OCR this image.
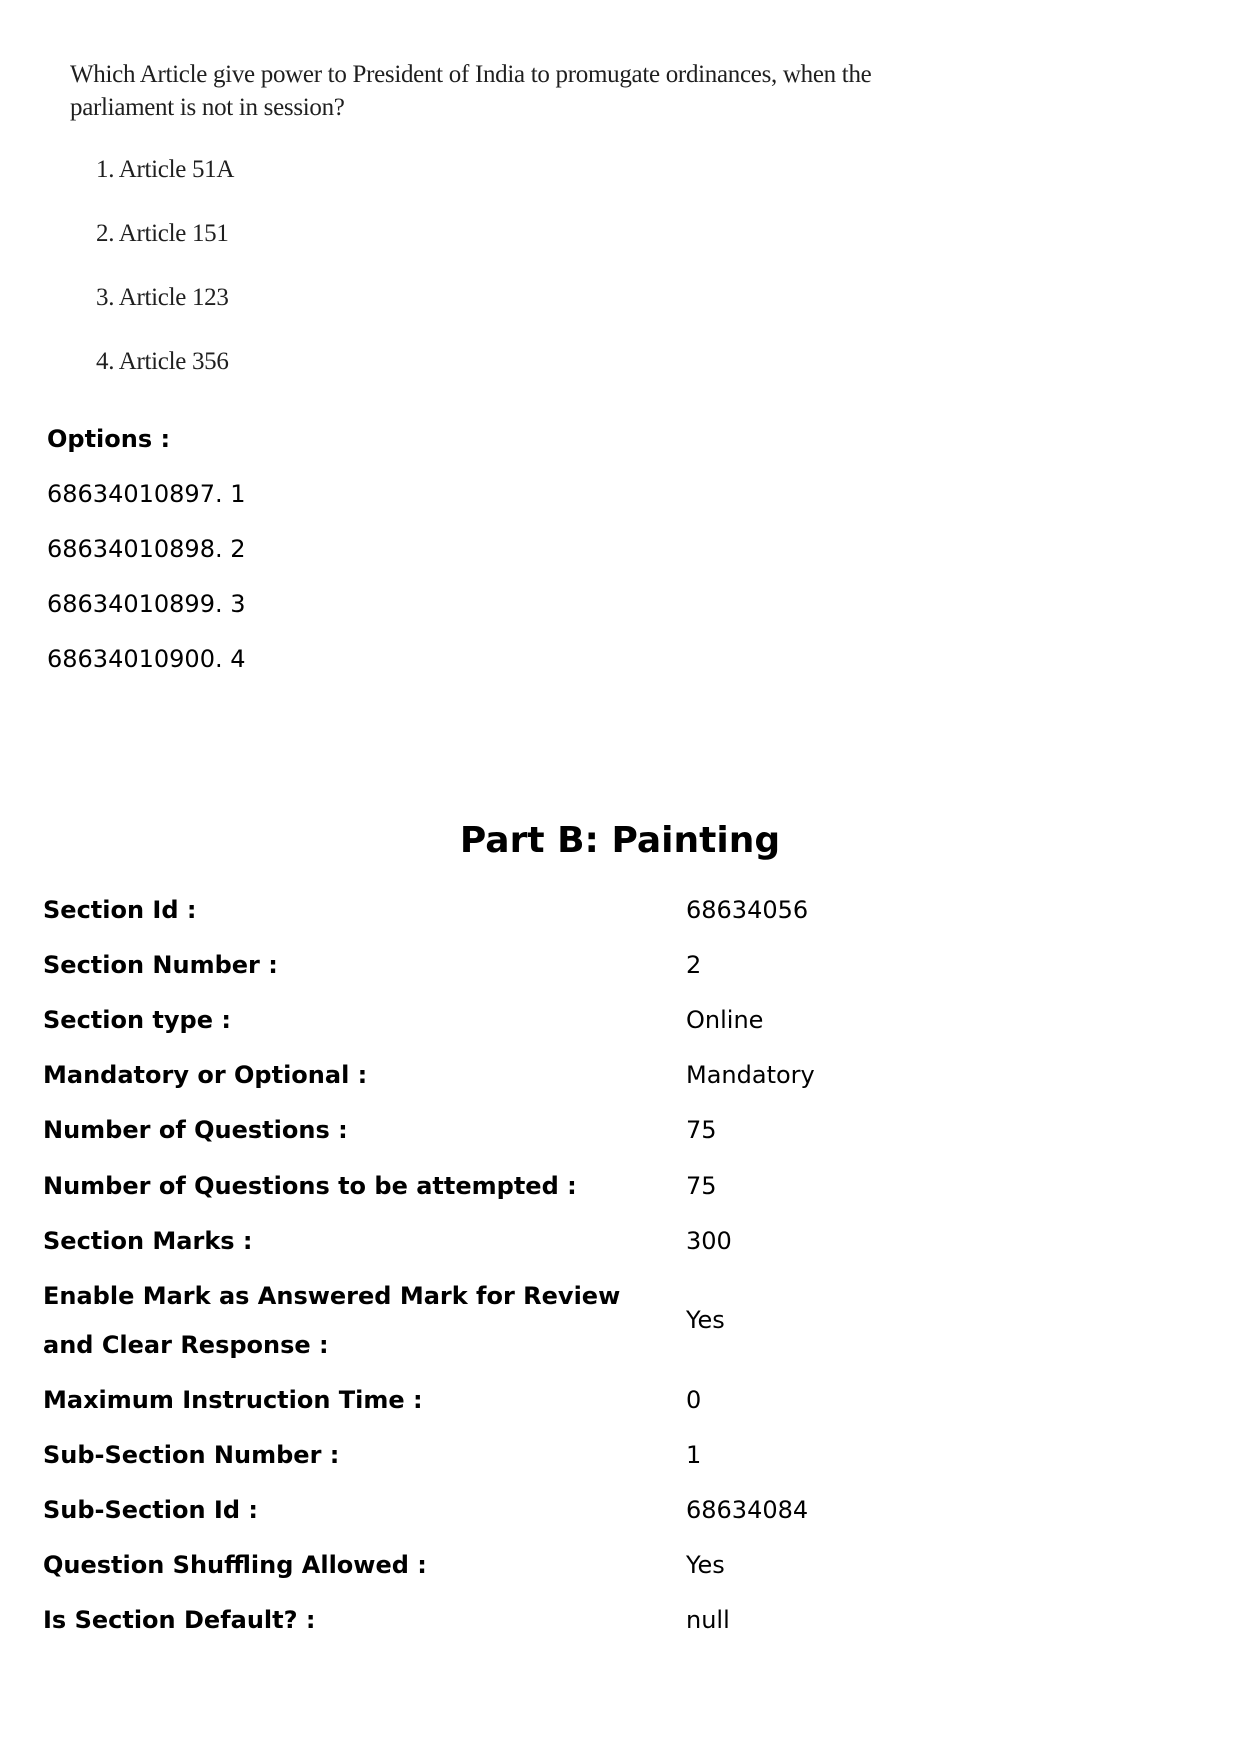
Which Article give power to President of India to promugate ordinances, when the parliament is not in session?

1. Article 51A
2. Article 151
3. Article 123
4. Article 356
Options :
68634010897. 1
68634010898. 2
68634010899. 3
68634010900. 4
Part B: Painting
Section Id :	68634056
Section Number :	2
Section type :	Online
Mandatory or Optional :	Mandatory
Number of Questions :	75
Number of Questions to be attempted :	75
Section Marks :	300
Enable Mark as Answered Mark for Review and Clear Response :
Yes
Maximum Instruction Time :	0
Sub-Section Number :	1
Sub-Section Id :	68634084
Question Shuffling Allowed :	Yes
Is Section Default? :	null
